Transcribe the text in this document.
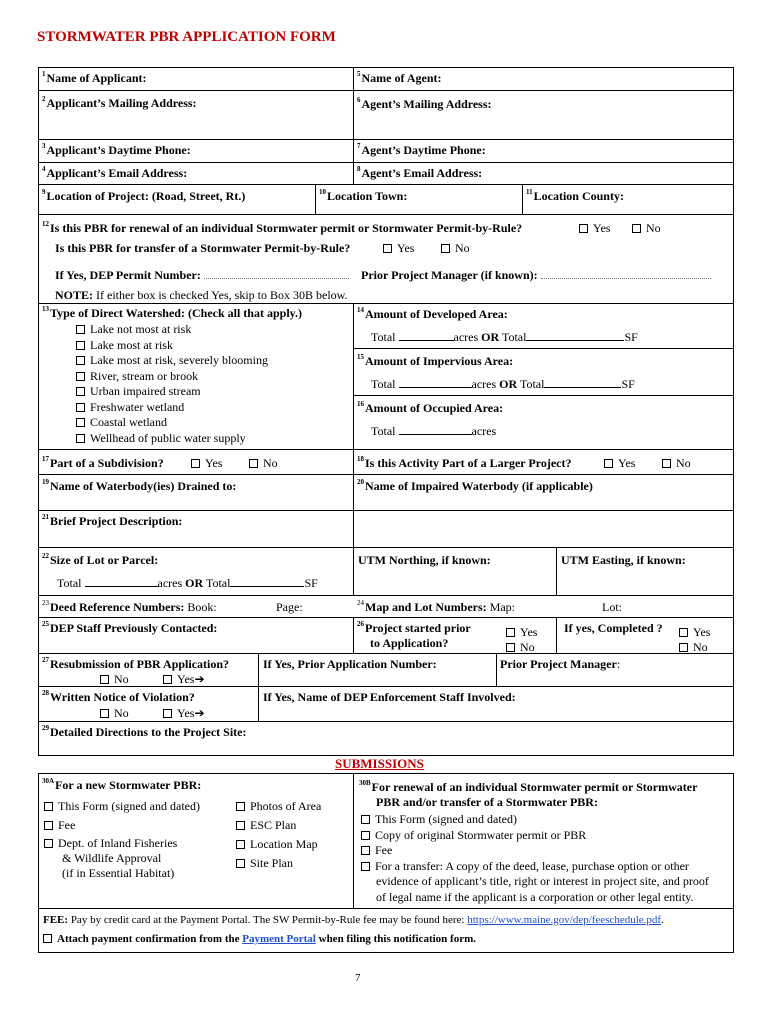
STORMWATER PBR APPLICATION FORM
$^1$Name of Applicant:	$^5$Name of Agent:
$^2$Applicant’s Mailing Address:	$^6$Agent’s Mailing Address:
$^3$Applicant’s Daytime Phone:	$^7$Agent’s Daytime Phone:
$^4$Applicant’s Email Address:	$^8$Agent’s Email Address:
$^9$Location of Project: (Road, Street, Rt.)	$^{10}$Location Town:	$^{11}$Location County:
$^{12}$Is this PBR for renewal of an individual Stormwater permit or Stormwater Permit-by-Rule?	Yes	No
Is this PBR for transfer of a Stormwater Permit-by-Rule?	Yes	No
If Yes, DEP Permit Number:	Prior Project Manager (if known):
NOTE: If either box is checked Yes, skip to Box 30B below.
$^{13}$Type of Direct Watershed: (Check all that apply.)
Lake not most at risk
Lake most at risk
Lake most at risk, severely blooming
River, stream or brook
Urban impaired stream
Freshwater wetland
Coastal wetland
Wellhead of public water supply
$^{14}$Amount of Developed Area:
Total	acres OR Total	SF
$^{15}$Amount of Impervious Area:
Total	acres OR Total	SF
$^{16}$Amount of Occupied Area:
Total	acres
$^{17}$Part of a Subdivision?	Yes	No	$^{18}$Is this Activity Part of a Larger Project?	Yes	No
$^{19}$Name of Waterbody(ies) Drained to:	$^{20}$Name of Impaired Waterbody (if applicable)
$^{21}$Brief Project Description:
$^{22}$Size of Lot or Parcel:
Total	acres OR Total	SF
UTM Northing, if known:	UTM Easting, if known:
$^{23}$Deed Reference Numbers: Book:	Page:	$^{24}$Map and Lot Numbers: Map:	Lot:
$^{25}$DEP Staff Previously Contacted:	$^{26}$Project started prior
to Application?
Yes
No
If yes, Completed ?	Yes
No
$^{27}$Resubmission of PBR Application?
No	Yes➔
If Yes, Prior Application Number:	Prior Project Manager:
$^{28}$Written Notice of Violation?
No	Yes➔
If Yes, Name of DEP Enforcement Staff Involved:
$^{29}$Detailed Directions to the Project Site:
SUBMISSIONS
$^{30A}$For a new Stormwater PBR:
This Form (signed and dated)
Fee
Dept. of Inland Fisheries
& Wildlife Approval
(if in Essential Habitat)
Photos of Area
ESC Plan
Location Map
Site Plan
$^{30B}$For renewal of an individual Stormwater permit or Stormwater
PBR and/or transfer of a Stormwater PBR:
This Form (signed and dated)
Copy of original Stormwater permit or PBR
Fee
For a transfer: A copy of the deed, lease, purchase option or other
evidence of applicant’s title, right or interest in project site, and proof
of legal name if the applicant is a corporation or other legal entity.
FEE: Pay by credit card at the Payment Portal. The SW Permit-by-Rule fee may be found here: https://www.maine.gov/dep/feeschedule.pdf.
Attach payment confirmation from the Payment Portal when filing this notification form.
7
